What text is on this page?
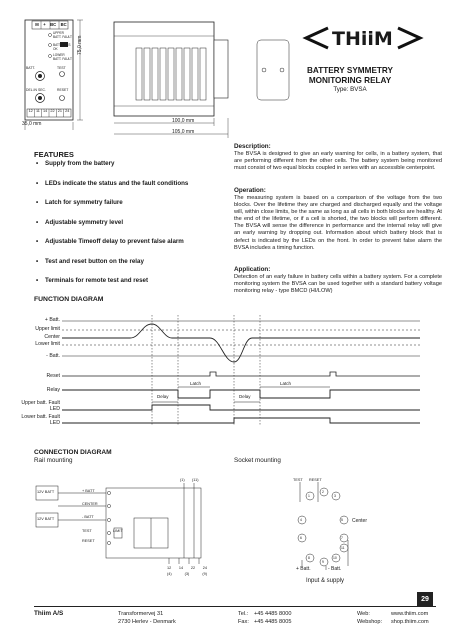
M + BC BC
UPPER BATT. FAULT
BATTERIES OK
LOWER BATT. FAULT
BATT.	TEST
DEL.IN SEC.	RESET
12 11 14 22 21 24
35,0 mm
75,0 mm
100,0 mm
105,0 mm
THiiM
BATTERY SYMMETRY MONITORING RELAY
Type: BVSA
FEATURES
• Supply from the battery
• LEDs indicate the status and the fault conditions
• Latch for symmetry failure
• Adjustable symmetry level
• Adjustable Timeoff delay to prevent false alarm
• Test and reset button on the relay
• Terminals for remote test and reset
Description:
The BVSA is designed to give an early warning for cells, in a battery system, that are performing different from the other cells. The battery system being monitored must consist of two equal blocks coupled in series with an accessible centerpoint.
Operation:
The measuring system is based on a comparison of the voltage from the two blocks. Over the lifetime they are charged and discharged equally and the voltage will, within close limits, be the same as long as all cells in both blocks are healthy. At the end of the lifetime, or if a cell is shorted, the two blocks will perform different. The BVSA will sense the difference in performance and the internal relay will give an early warning by dropping out. Information about which battery block that is defect is indicated by the LEDs on the front. In order to prevent false alarm the BVSA includes a timing function.
Application:
Detection of an early failure in battery cells within a battery system. For a complete monitoring system the BVSA can be used together with a standard battery voltage monitoring relay - type BMCD (HI/LOW)
FUNCTION DIAGRAM
+ Batt.
Upper limit
Center
Lower limit
- Batt.
Reset
Relay
Upper batt. Fault LED
Lower batt. Fault LED
Latch	Latch
Delay	Delay
CONNECTION DIAGRAM
Rail mounting	Socket mounting
12V BATT
12V BATT
+ BATT
CENTER
- BATT
TEST
RESET
LIMIT
(1) (11)
12 14 22 24
(4)	(3)	(9)
TEST RESET
Center
+ Batt.	- Batt.
Input & supply
1
2
3
4	5
6	7
8
9
10
11
29
Thiim A/S	Transformervej 31
2730 Herlev - Denmark
Tel.: +45 4485 8000
Fax: +45 4485 8005
Web:	www.thiim.com
Webshop: shop.thiim.com
